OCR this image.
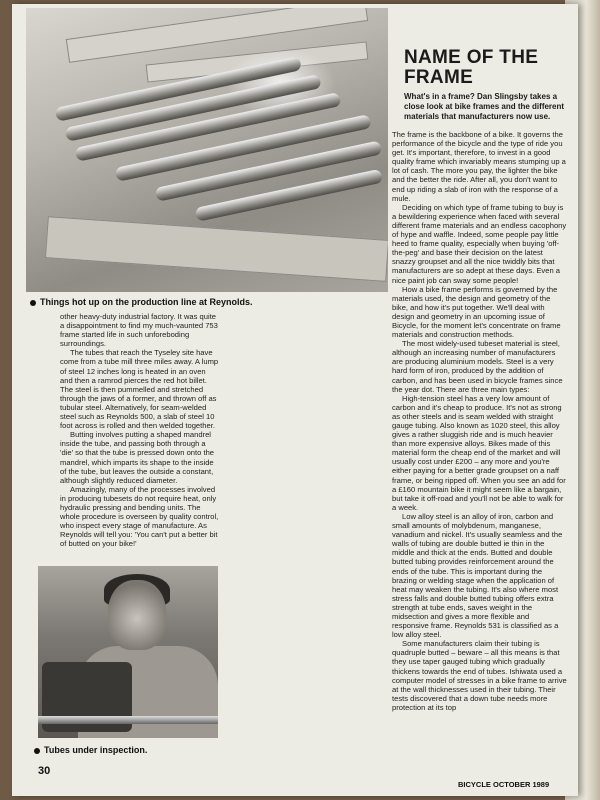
Things hot up on the production line at Reynolds.

other heavy-duty industrial factory. It was quite a disappointment to find my much-vaunted 753 frame started life in such unforeboding surroundings.

The tubes that reach the Tyseley site have come from a tube mill three miles away. A lump of steel 12 inches long is heated in an oven and then a ramrod pierces the red hot billet. The steel is then pummelled and stretched through the jaws of a former, and thrown off as tubular steel. Alternatively, for seam-welded steel such as Reynolds 500, a slab of steel 10 foot across is rolled and then welded together.

Butting involves putting a shaped mandrel inside the tube, and passing both through a 'die' so that the tube is pressed down onto the mandrel, which imparts its shape to the inside of the tube, but leaves the outside a constant, although slightly reduced diameter.

Amazingly, many of the processes involved in producing tubesets do not require heat, only hydraulic pressing and bending units. The whole procedure is overseen by quality control, who inspect every stage of manufacture. As Reynolds will tell you: 'You can't put a better bit of butted on your bike!'

Tubes under inspection.
NAME OF THE FRAME
What's in a frame? Dan Slingsby takes a close look at bike frames and the different materials that manufacturers now use.

The frame is the backbone of a bike. It governs the performance of the bicycle and the type of ride you get. It's important, therefore, to invest in a good quality frame which invariably means stumping up a lot of cash. The more you pay, the lighter the bike and the better the ride. After all, you don't want to end up riding a slab of iron with the response of a mule.

Deciding on which type of frame tubing to buy is a bewildering experience when faced with several different frame materials and an endless cacophony of hype and waffle. Indeed, some people pay little heed to frame quality, especially when buying 'off-the-peg' and base their decision on the latest snazzy groupset and all the nice twiddly bits that manufacturers are so adept at these days. Even a nice paint job can sway some people!

How a bike frame performs is governed by the materials used, the design and geometry of the bike, and how it's put together. We'll deal with design and geometry in an upcoming issue of Bicycle, for the moment let's concentrate on frame materials and construction methods.

The most widely-used tubeset material is steel, although an increasing number of manufacturers are producing aluminium models. Steel is a very hard form of iron, produced by the addition of carbon, and has been used in bicycle frames since the year dot. There are three main types:

High-tension steel has a very low amount of carbon and it's cheap to produce. It's not as strong as other steels and is seam welded with straight gauge tubing. Also known as 1020 steel, this alloy gives a rather sluggish ride and is much heavier than more expensive alloys. Bikes made of this material form the cheap end of the market and will usually cost under £200 – any more and you're either paying for a better grade groupset on a naff frame, or being ripped off. When you see an add for a £160 mountain bike it might seem like a bargain, but take it off-road and you'll not be able to walk for a week.

Low alloy steel is an alloy of iron, carbon and small amounts of molybdenum, manganese, vanadium and nickel. It's usually seamless and the walls of tubing are double butted ie thin in the middle and thick at the ends. Butted and double butted tubing provides reinforcement around the ends of the tube. This is important during the brazing or welding stage when the application of heat may weaken the tubing. It's also where most stress falls and double butted tubing offers extra strength at tube ends, saves weight in the midsection and gives a more flexible and responsive frame. Reynolds 531 is classified as a low alloy steel.

Some manufacturers claim their tubing is quadruple butted – beware – all this means is that they use taper gauged tubing which gradually thickens towards the end of tubes. Ishiwata used a computer model of stresses in a bike frame to arrive at the wall thicknesses used in their tubing. Their tests discovered that a down tube needs more protection at its top

30
BICYCLE OCTOBER 1989
